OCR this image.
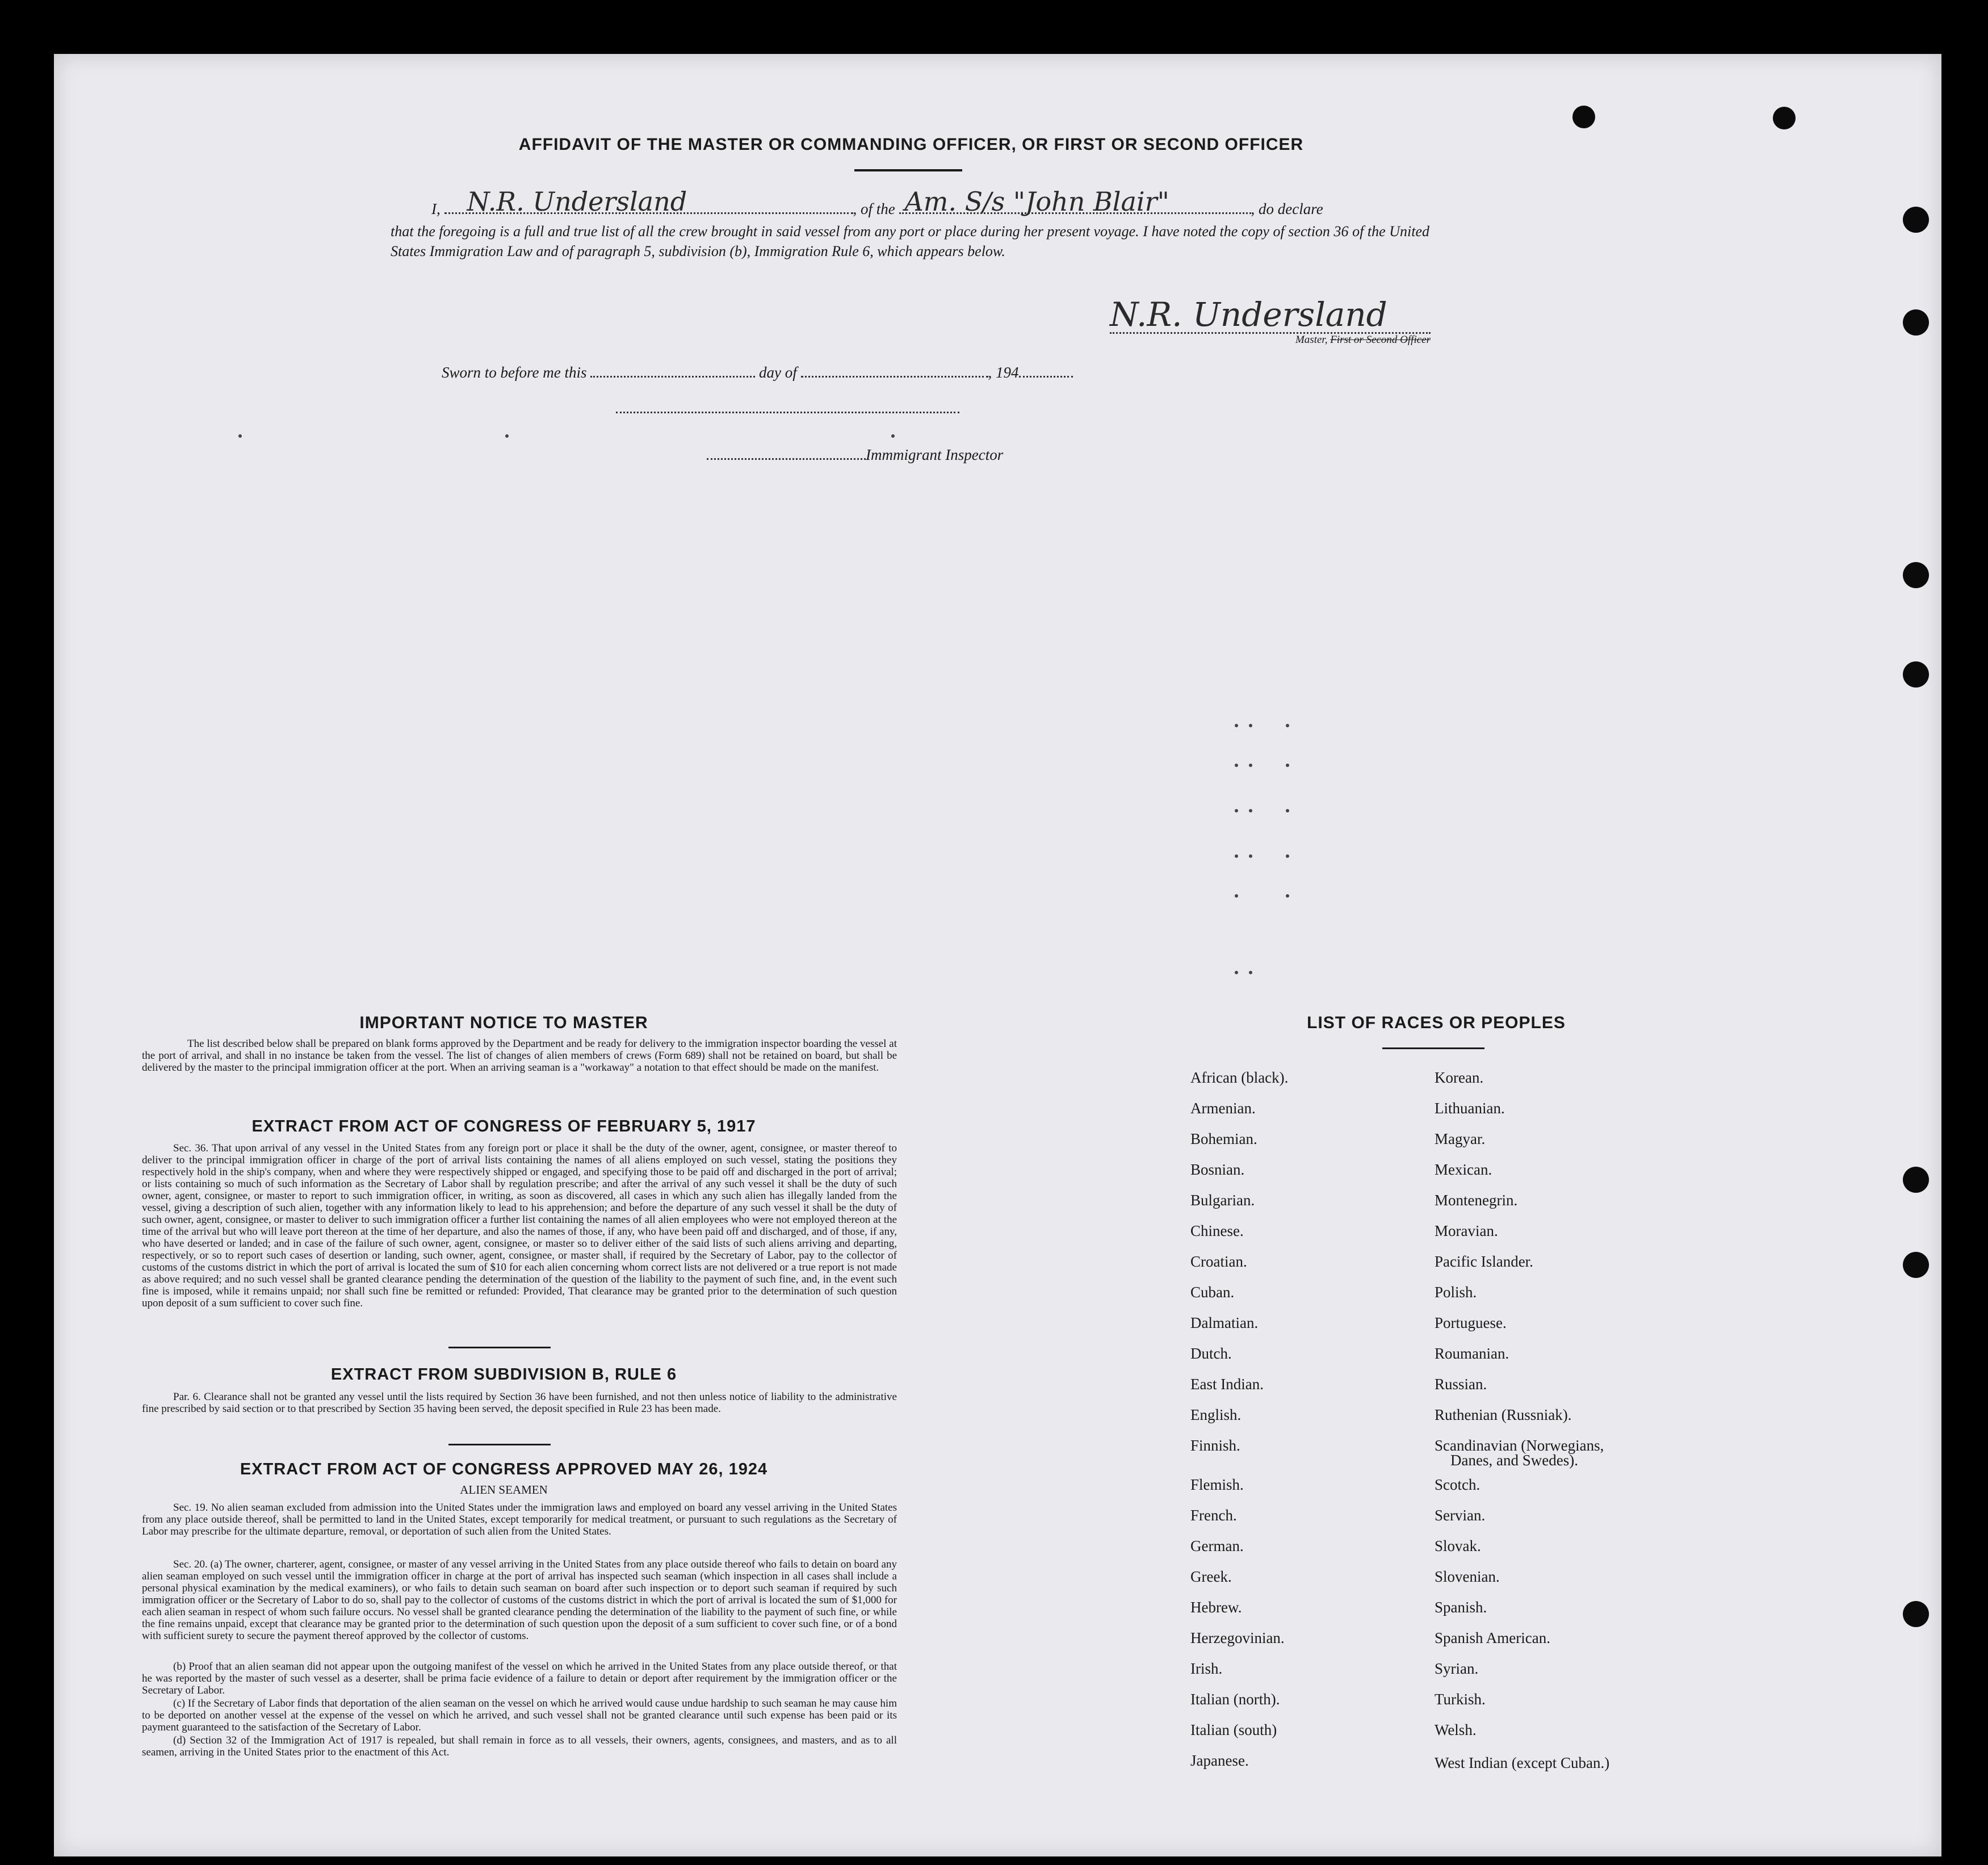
AFFIDAVIT OF THE MASTER OR COMMANDING OFFICER, OR FIRST OR SECOND OFFICER
I, N.R. Undersland	, of the Am. S/s "John Blair"	, do declare
that the foregoing is a full and true list of all the crew brought in said vessel from any port or place during her present voyage. I have noted the copy of section 36 of the United States Immigration Law and of paragraph 5, subdivision (b), Immigration Rule 6, which appears below.
N.R. Undersland
Master, First or Second Officer
Sworn to before me this	day of	, 194
Immmigrant Inspector
IMPORTANT NOTICE TO MASTER
The list described below shall be prepared on blank forms approved by the Department and be ready for delivery to the immigration inspector boarding the vessel at the port of arrival, and shall in no instance be taken from the vessel. The list of changes of alien members of crews (Form 689) shall not be retained on board, but shall be delivered by the master to the principal immigration officer at the port. When an arriving seaman is a "workaway" a notation to that effect should be made on the manifest.
EXTRACT FROM ACT OF CONGRESS OF FEBRUARY 5, 1917
Sec. 36. That upon arrival of any vessel in the United States from any foreign port or place it shall be the duty of the owner, agent, consignee, or master thereof to deliver to the principal immigration officer in charge of the port of arrival lists containing the names of all aliens employed on such vessel, stating the positions they respectively hold in the ship's company, when and where they were respectively shipped or engaged, and specifying those to be paid off and discharged in the port of arrival; or lists containing so much of such information as the Secretary of Labor shall by regulation prescribe; and after the arrival of any such vessel it shall be the duty of such owner, agent, consignee, or master to report to such immigration officer, in writing, as soon as discovered, all cases in which any such alien has illegally landed from the vessel, giving a description of such alien, together with any information likely to lead to his apprehension; and before the departure of any such vessel it shall be the duty of such owner, agent, consignee, or master to deliver to such immigration officer a further list containing the names of all alien employees who were not employed thereon at the time of the arrival but who will leave port thereon at the time of her departure, and also the names of those, if any, who have been paid off and discharged, and of those, if any, who have deserted or landed; and in case of the failure of such owner, agent, consignee, or master so to deliver either of the said lists of such aliens arriving and departing, respectively, or so to report such cases of desertion or landing, such owner, agent, consignee, or master shall, if required by the Secretary of Labor, pay to the collector of customs of the customs district in which the port of arrival is located the sum of $10 for each alien concerning whom correct lists are not delivered or a true report is not made as above required; and no such vessel shall be granted clearance pending the determination of the question of the liability to the payment of such fine, and, in the event such fine is imposed, while it remains unpaid; nor shall such fine be remitted or refunded: Provided, That clearance may be granted prior to the determination of such question upon deposit of a sum sufficient to cover such fine.
EXTRACT FROM SUBDIVISION B, RULE 6
Par. 6. Clearance shall not be granted any vessel until the lists required by Section 36 have been furnished, and not then unless notice of liability to the administrative fine prescribed by said section or to that prescribed by Section 35 having been served, the deposit specified in Rule 23 has been made.
EXTRACT FROM ACT OF CONGRESS APPROVED MAY 26, 1924
ALIEN SEAMEN
Sec. 19. No alien seaman excluded from admission into the United States under the immigration laws and employed on board any vessel arriving in the United States from any place outside thereof, shall be permitted to land in the United States, except temporarily for medical treatment, or pursuant to such regulations as the Secretary of Labor may prescribe for the ultimate departure, removal, or deportation of such alien from the United States.
Sec. 20. (a) The owner, charterer, agent, consignee, or master of any vessel arriving in the United States from any place outside thereof who fails to detain on board any alien seaman employed on such vessel until the immigration officer in charge at the port of arrival has inspected such seaman (which inspection in all cases shall include a personal physical examination by the medical examiners), or who fails to detain such seaman on board after such inspection or to deport such seaman if required by such immigration officer or the Secretary of Labor to do so, shall pay to the collector of customs of the customs district in which the port of arrival is located the sum of $1,000 for each alien seaman in respect of whom such failure occurs. No vessel shall be granted clearance pending the determination of the liability to the payment of such fine, or while the fine remains unpaid, except that clearance may be granted prior to the determination of such question upon the deposit of a sum sufficient to cover such fine, or of a bond with sufficient surety to secure the payment thereof approved by the collector of customs.
(b) Proof that an alien seaman did not appear upon the outgoing manifest of the vessel on which he arrived in the United States from any place outside thereof, or that he was reported by the master of such vessel as a deserter, shall be prima facie evidence of a failure to detain or deport after requirement by the immigration officer or the Secretary of Labor.
(c) If the Secretary of Labor finds that deportation of the alien seaman on the vessel on which he arrived would cause undue hardship to such seaman he may cause him to be deported on another vessel at the expense of the vessel on which he arrived, and such vessel shall not be granted clearance until such expense has been paid or its payment guaranteed to the satisfaction of the Secretary of Labor.
(d) Section 32 of the Immigration Act of 1917 is repealed, but shall remain in force as to all vessels, their owners, agents, consignees, and masters, and as to all seamen, arriving in the United States prior to the enactment of this Act.
LIST OF RACES OR PEOPLES
African (black).
Armenian.
Bohemian.
Bosnian.
Bulgarian.
Chinese.
Croatian.
Cuban.
Dalmatian.
Dutch.
East Indian.
English.
Finnish.
Flemish.
French.
German.
Greek.
Hebrew.
Herzegovinian.
Irish.
Italian (north).
Italian (south)
Japanese.
Korean.
Lithuanian.
Magyar.
Mexican.
Montenegrin.
Moravian.
Pacific Islander.
Polish.
Portuguese.
Roumanian.
Russian.
Ruthenian (Russniak).
Scandinavian (Norwegians,
Danes, and Swedes).
Scotch.
Servian.
Slovak.
Slovenian.
Spanish.
Spanish American.
Syrian.
Turkish.
Welsh.
West Indian (except Cuban.)
